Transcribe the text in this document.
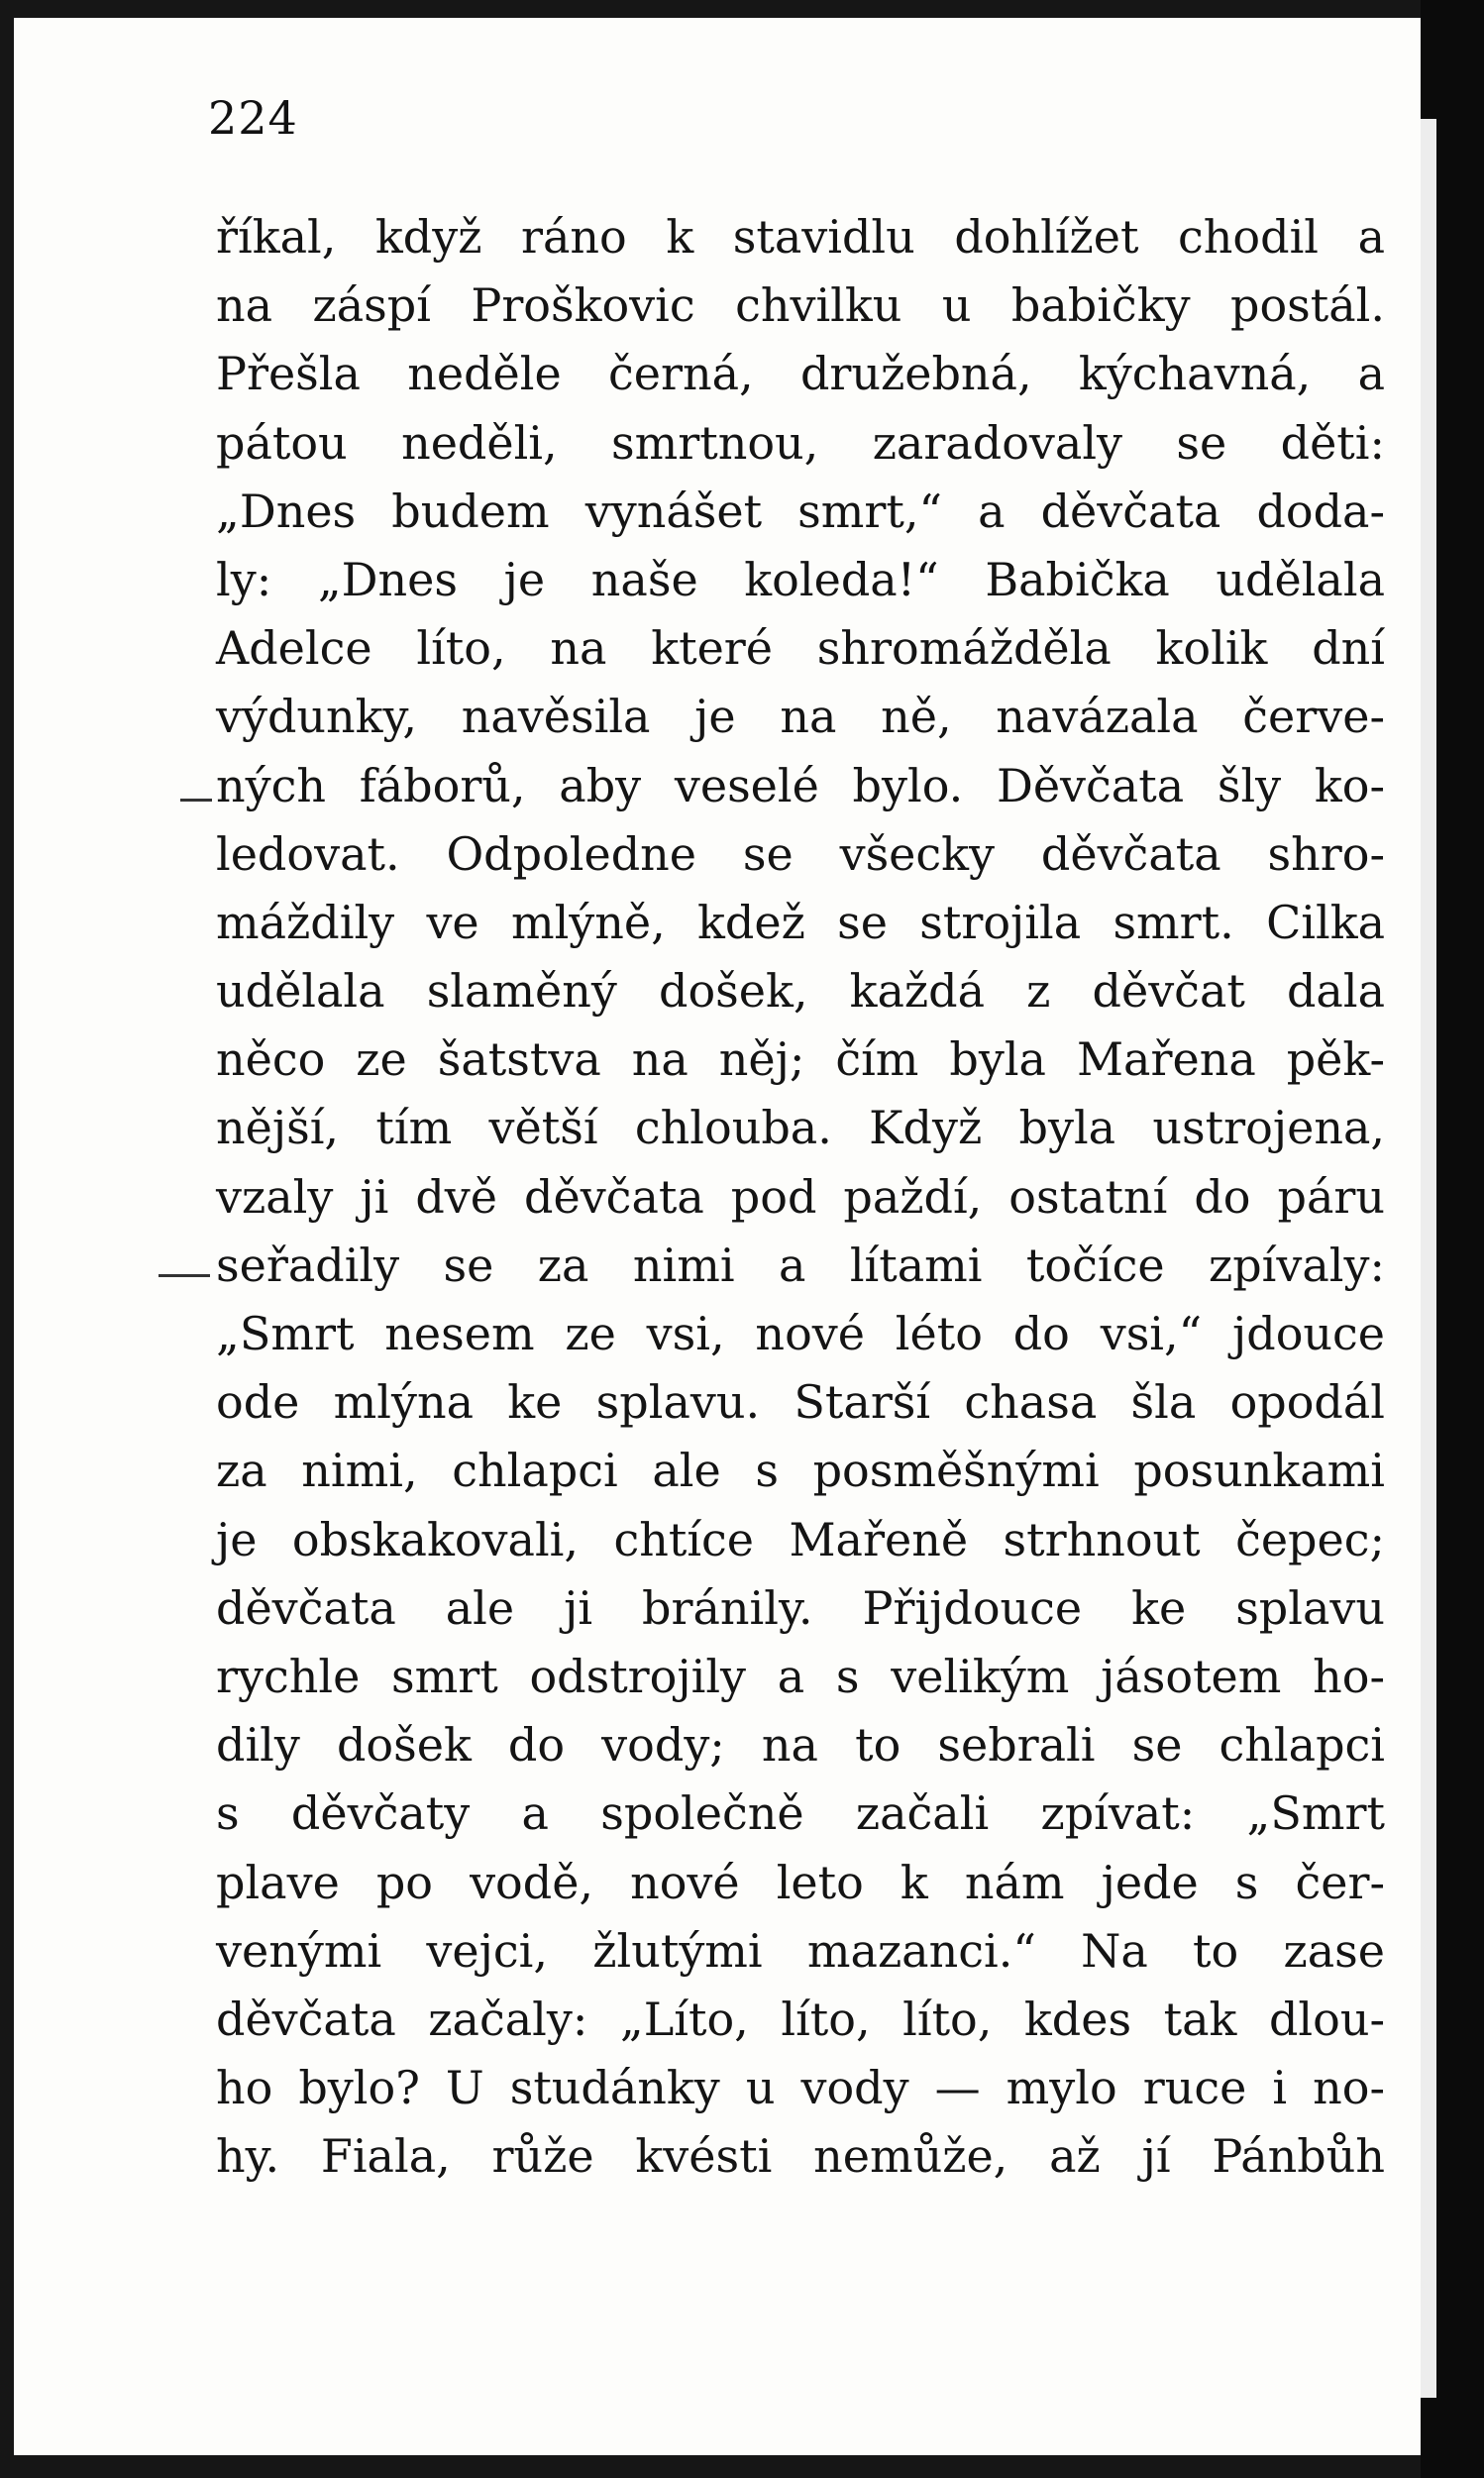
224
říkal, když ráno k stavidlu dohlížet chodil a
na záspí Proškovic chvilku u babičky postál.
Přešla neděle černá, družebná, kýchavná, a
pátou neděli, smrtnou, zaradovaly se děti:
„Dnes budem vynášet smrt,“ a děvčata doda-
ly: „Dnes je naše koleda!“ Babička udělala
Adelce líto, na které shromážděla kolik dní
výdunky, navěsila je na ně, navázala červe-
ných fáborů, aby veselé bylo. Děvčata šly ko-
ledovat. Odpoledne se všecky děvčata shro-
máždily ve mlýně, kdež se strojila smrt. Cilka
udělala slaměný došek, každá z děvčat dala
něco ze šatstva na něj; čím byla Mařena pěk-
nější, tím větší chlouba. Když byla ustrojena,
vzaly ji dvě děvčata pod paždí, ostatní do páru
seřadily se za nimi a lítami točíce zpívaly:
„Smrt nesem ze vsi, nové léto do vsi,“ jdouce
ode mlýna ke splavu. Starší chasa šla opodál
za nimi, chlapci ale s posměšnými posunkami
je obskakovali, chtíce Mařeně strhnout čepec;
děvčata ale ji bránily. Přijdouce ke splavu
rychle smrt odstrojily a s velikým jásotem ho-
dily došek do vody; na to sebrali se chlapci
s děvčaty a společně začali zpívat: „Smrt
plave po vodě, nové leto k nám jede s čer-
venými vejci, žlutými mazanci.“ Na to zase
děvčata začaly: „Líto, líto, líto, kdes tak dlou-
ho bylo? U studánky u vody — mylo ruce i no-
hy. Fiala, růže kvésti nemůže, až jí Pánbůh
